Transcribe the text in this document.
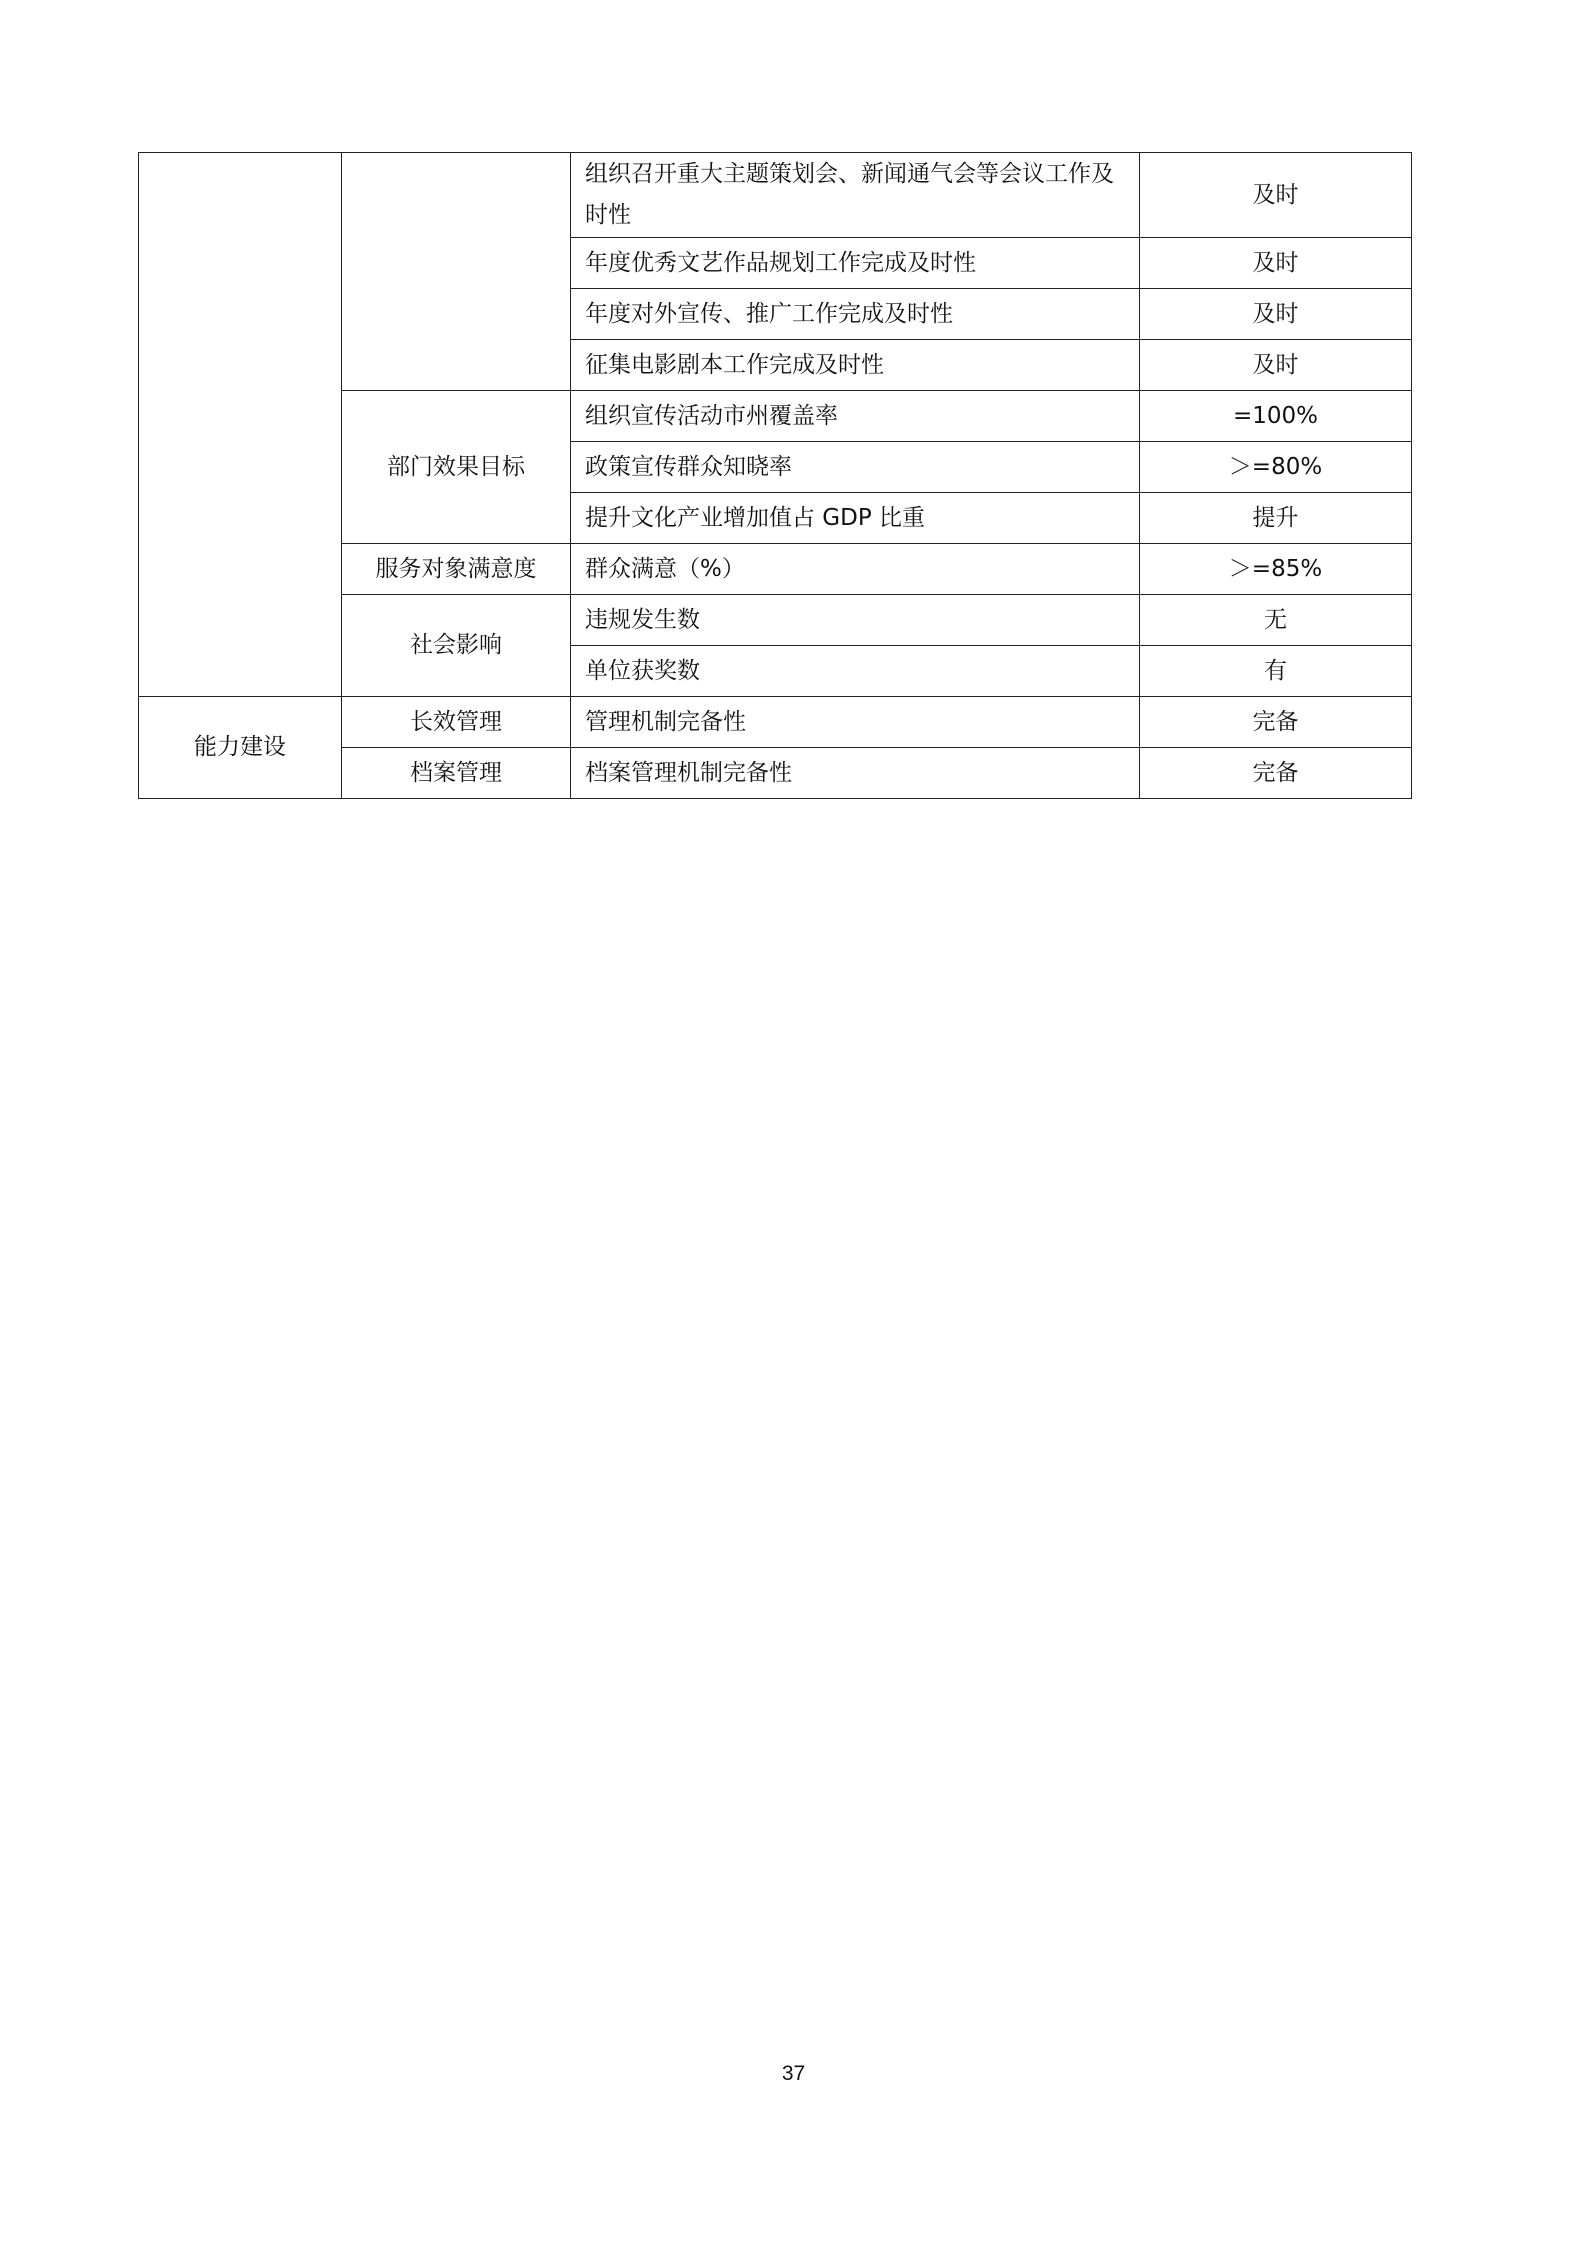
		组织召开重大主题策划会、新闻通气会等会议工作及时性	及时
		年度优秀文艺作品规划工作完成及时性	及时
		年度对外宣传、推广工作完成及时性	及时
		征集电影剧本工作完成及时性	及时
	部门效果目标	组织宣传活动市州覆盖率	=100%
		政策宣传群众知晓率	＞=80%
		提升文化产业增加值占 GDP 比重	提升
	服务对象满意度	群众满意（%）	＞=85%
	社会影响	违规发生数	无
		单位获奖数	有
能力建设	长效管理	管理机制完备性	完备
	档案管理	档案管理机制完备性	完备
37
